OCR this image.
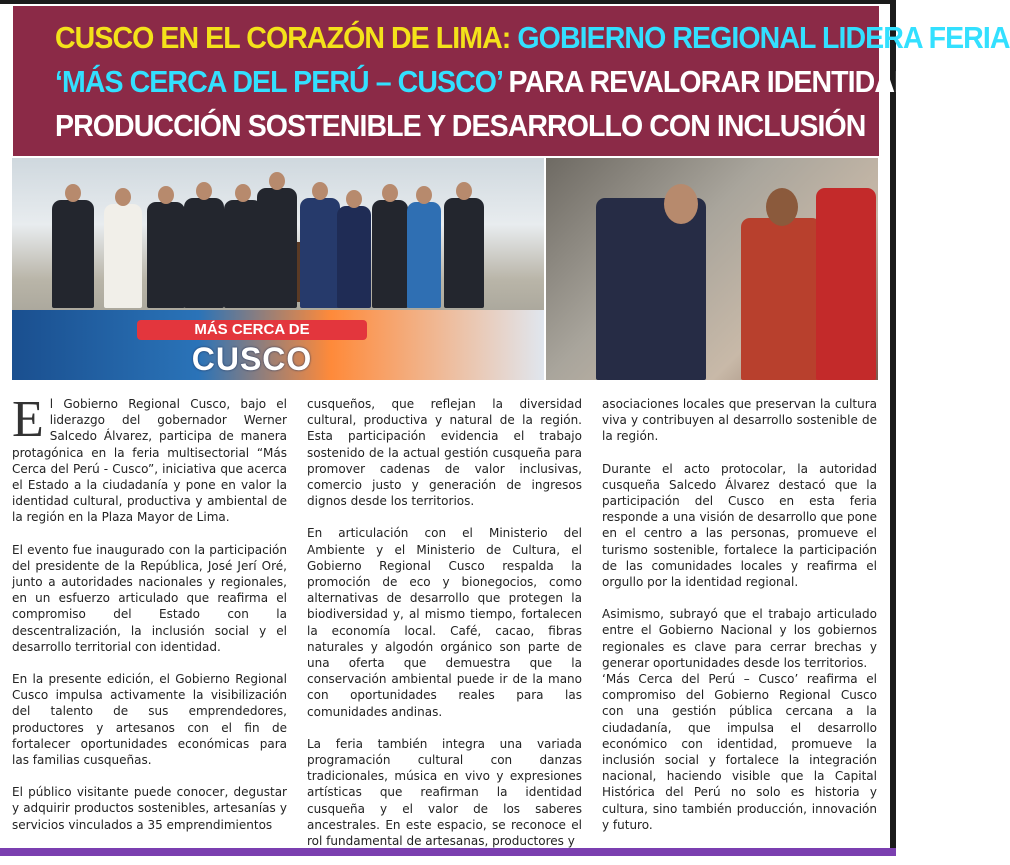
CUSCO EN EL CORAZÓN DE LIMA: GOBIERNO REGIONAL LIDERA FERIA
‘MÁS CERCA DEL PERÚ – CUSCO’ PARA REVALORAR IDENTIDAD,
PRODUCCIÓN SOSTENIBLE Y DESARROLLO CON INCLUSIÓN
MÁS CERCA DE
CUSCO

El Gobierno Regional Cusco, bajo el liderazgo del gobernador Werner Salcedo Álvarez, participa de manera protagónica en la feria multisectorial “Más Cerca del Perú - Cusco”, iniciativa que acerca el Estado a la ciudadanía y pone en valor la identidad cultural, productiva y ambiental de la región en la Plaza Mayor de Lima.

El evento fue inaugurado con la participación del presidente de la República, José Jerí Oré, junto a autoridades nacionales y regionales, en un esfuerzo articulado que reafirma el compromiso del Estado con la descentralización, la inclusión social y el desarrollo territorial con identidad.

En la presente edición, el Gobierno Regional Cusco impulsa activamente la visibilización del talento de sus emprendedores, productores y artesanos con el fin de fortalecer oportunidades económicas para las familias cusqueñas.

El público visitante puede conocer, degustar y adquirir productos sostenibles, artesanías y servicios vinculados a 35 emprendimientos

cusqueños, que reflejan la diversidad cultural, productiva y natural de la región. Esta participación evidencia el trabajo sostenido de la actual gestión cusqueña para promover cadenas de valor inclusivas, comercio justo y generación de ingresos dignos desde los territorios.

En articulación con el Ministerio del Ambiente y el Ministerio de Cultura, el Gobierno Regional Cusco respalda la promoción de eco y bionegocios, como alternativas de desarrollo que protegen la biodiversidad y, al mismo tiempo, fortalecen la economía local. Café, cacao, fibras naturales y algodón orgánico son parte de una oferta que demuestra que la conservación ambiental puede ir de la mano con oportunidades reales para las comunidades andinas.

La feria también integra una variada programación cultural con danzas tradicionales, música en vivo y expresiones artísticas que reafirman la identidad cusqueña y el valor de los saberes ancestrales. En este espacio, se reconoce el rol fundamental de artesanas, productores y

asociaciones locales que preservan la cultura viva y contribuyen al desarrollo sostenible de la región.

Durante el acto protocolar, la autoridad cusqueña Salcedo Álvarez destacó que la participación del Cusco en esta feria responde a una visión de desarrollo que pone en el centro a las personas, promueve el turismo sostenible, fortalece la participación de las comunidades locales y reafirma el orgullo por la identidad regional.

Asimismo, subrayó que el trabajo articulado entre el Gobierno Nacional y los gobiernos regionales es clave para cerrar brechas y generar oportunidades desde los territorios.

‘Más Cerca del Perú – Cusco’ reafirma el compromiso del Gobierno Regional Cusco con una gestión pública cercana a la ciudadanía, que impulsa el desarrollo económico con identidad, promueve la inclusión social y fortalece la integración nacional, haciendo visible que la Capital Histórica del Perú no solo es historia y cultura, sino también producción, innovación y futuro.
